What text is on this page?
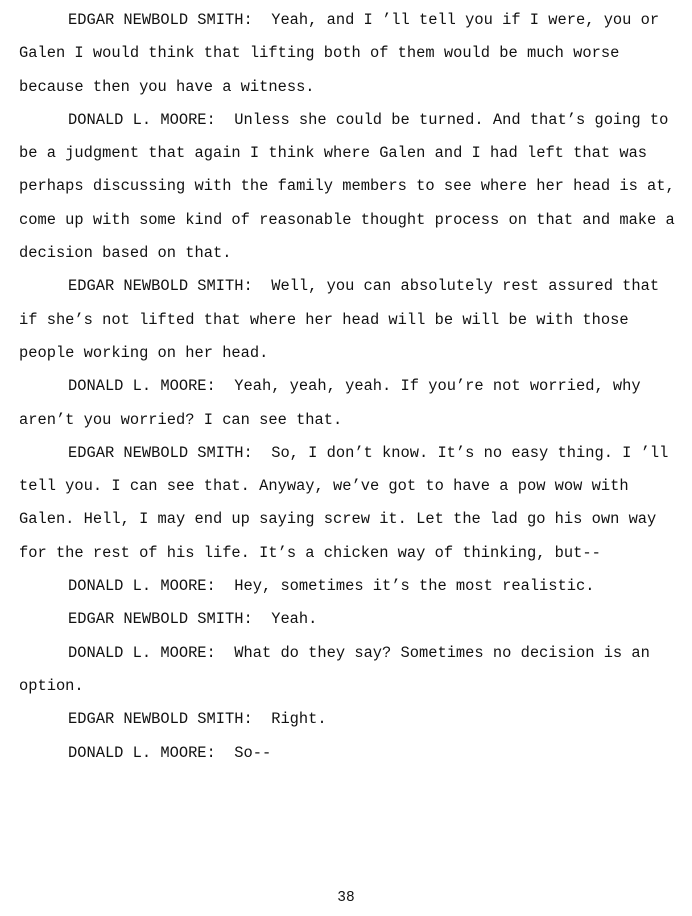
EDGAR NEWBOLD SMITH: Yeah, and I ’ll tell you if I were, you or Galen I would think that lifting both of them would be much worse because then you have a witness.

DONALD L. MOORE: Unless she could be turned. And that’s going to be a judgment that again I think where Galen and I had left that was perhaps discussing with the family members to see where her head is at, come up with some kind of reasonable thought process on that and make a decision based on that.

EDGAR NEWBOLD SMITH: Well, you can absolutely rest assured that if she’s not lifted that where her head will be will be with those people working on her head.

DONALD L. MOORE: Yeah, yeah, yeah. If you’re not worried, why aren’t you worried? I can see that.

EDGAR NEWBOLD SMITH: So, I don’t know. It’s no easy thing. I ’ll tell you. I can see that. Anyway, we’ve got to have a pow wow with Galen. Hell, I may end up saying screw it. Let the lad go his own way for the rest of his life. It’s a chicken way of thinking, but--

DONALD L. MOORE: Hey, sometimes it’s the most realistic.

EDGAR NEWBOLD SMITH: Yeah.

DONALD L. MOORE: What do they say? Sometimes no decision is an option.

EDGAR NEWBOLD SMITH: Right.

DONALD L. MOORE: So--

38
